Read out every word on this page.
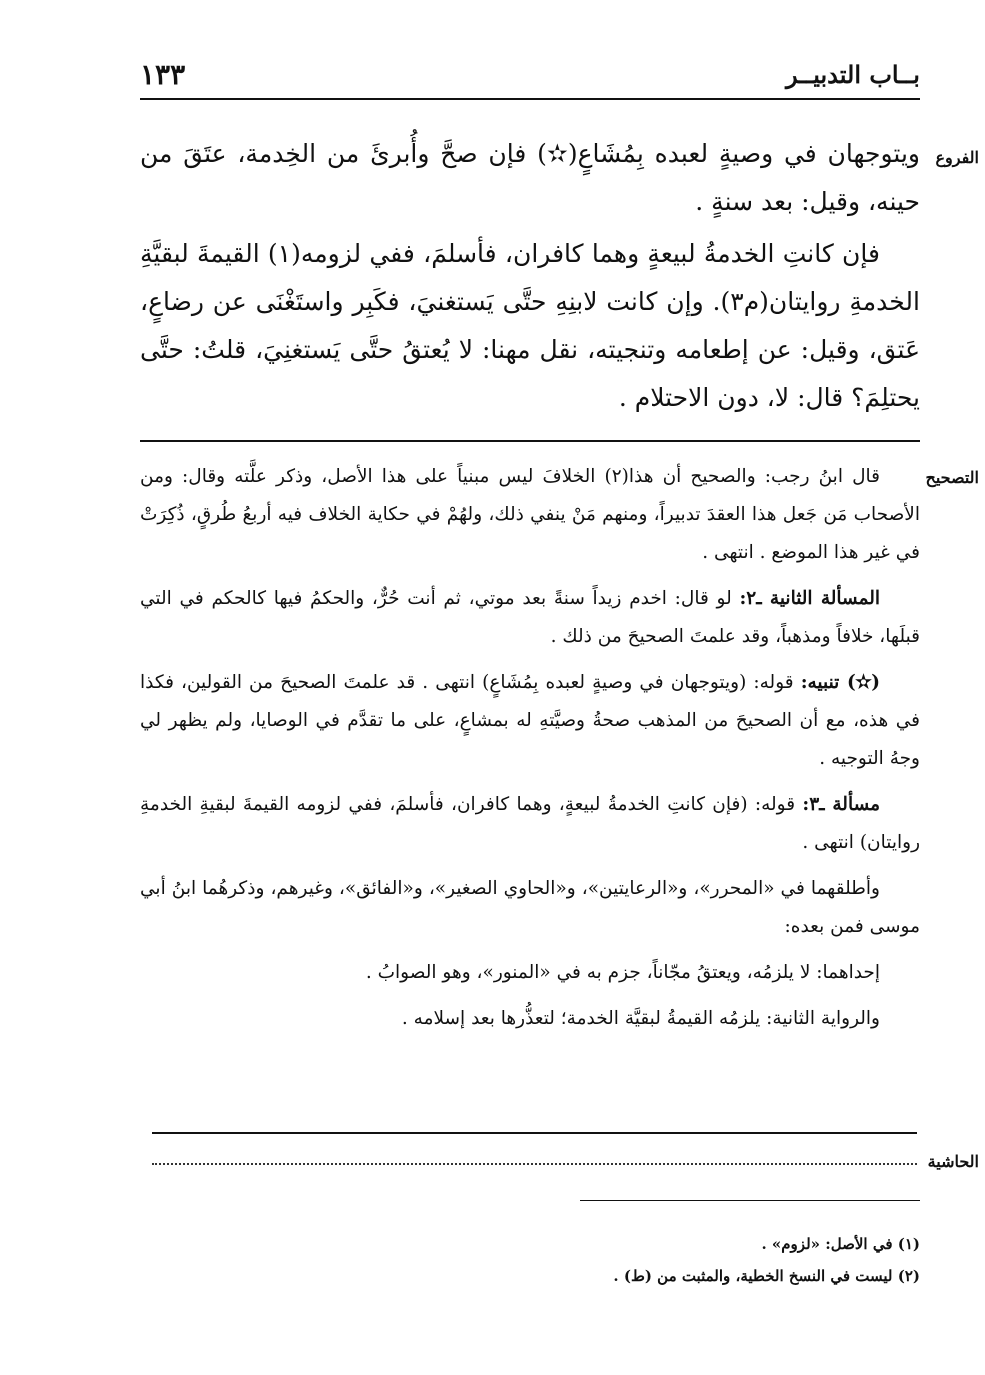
بــاب التدبيــر
١٣٣
الفروع

ويتوجهان في وصيةٍ لعبده بِمُشَاعٍ(✫) فإن صحَّ وأُبرئَ من الخِدمة، عتَقَ من حينه، وقيل: بعد سنةٍ .

فإن كانتِ الخدمةُ لبيعةٍ وهما كافران، فأسلمَ، ففي لزومه(١) القيمةَ لبقيَّةِ الخدمةِ روايتان(م٣). وإن كانت لابنِهِ حتَّى يَستغنيَ، فكَبِر واستَغْنَى عن رضاعٍ، عَتق، وقيل: عن إطعامه وتنجيته، نقل مهنا: لا يُعتقُ حتَّى يَستغنِيَ، قلتُ: حتَّى يحتلِمَ؟ قال: لا، دون الاحتلام .

التصحيح

قال ابنُ رجب: والصحيح أن هذا(٢) الخلافَ ليس مبنياً على هذا الأصل، وذكر علَّته وقال: ومن الأصحاب مَن جَعل هذا العقدَ تدبيراً، ومنهم مَنْ ينفي ذلك، ولهُمْ في حكاية الخلاف فيه أربعُ طُرقٍ، ذُكِرَتْ في غير هذا الموضع . انتهى .

المسألة الثانية ـ٢: لو قال: اخدم زيداً سنةً بعد موتي، ثم أنت حُرٌّ، والحكمُ فيها كالحكم في التي قبلَها، خلافاً ومذهباً، وقد علمتَ الصحيحَ من ذلك .

(✫) تنبيه: قوله: (ويتوجهان في وصيةٍ لعبده بِمُشَاعٍ) انتهى . قد علمتَ الصحيحَ من القولين، فكذا في هذه، مع أن الصحيحَ من المذهب صحةُ وصيَّتهِ له بمشاعٍ، على ما تقدَّم في الوصايا، ولم يظهر لي وجهُ التوجيه .

مسألة ـ٣: قوله: (فإن كانتِ الخدمةُ لبيعةٍ، وهما كافران، فأسلمَ، ففي لزومه القيمةَ لبقيةِ الخدمةِ روايتان) انتهى .

وأطلقهما في «المحرر»، و«الرعايتين»، و«الحاوي الصغير»، و«الفائق»، وغيرهم، وذكرهُما ابنُ أبي موسى فمن بعده:

إحداهما: لا يلزمُه، ويعتقُ مجّاناً، جزم به في «المنور»، وهو الصوابُ .

والرواية الثانية: يلزمُه القيمةُ لبقيَّة الخدمة؛ لتعذُّرها بعد إسلامه .

الحاشية
(١) في الأصل: «لزوم» .
(٢) ليست في النسخ الخطية، والمثبت من (ط) .
